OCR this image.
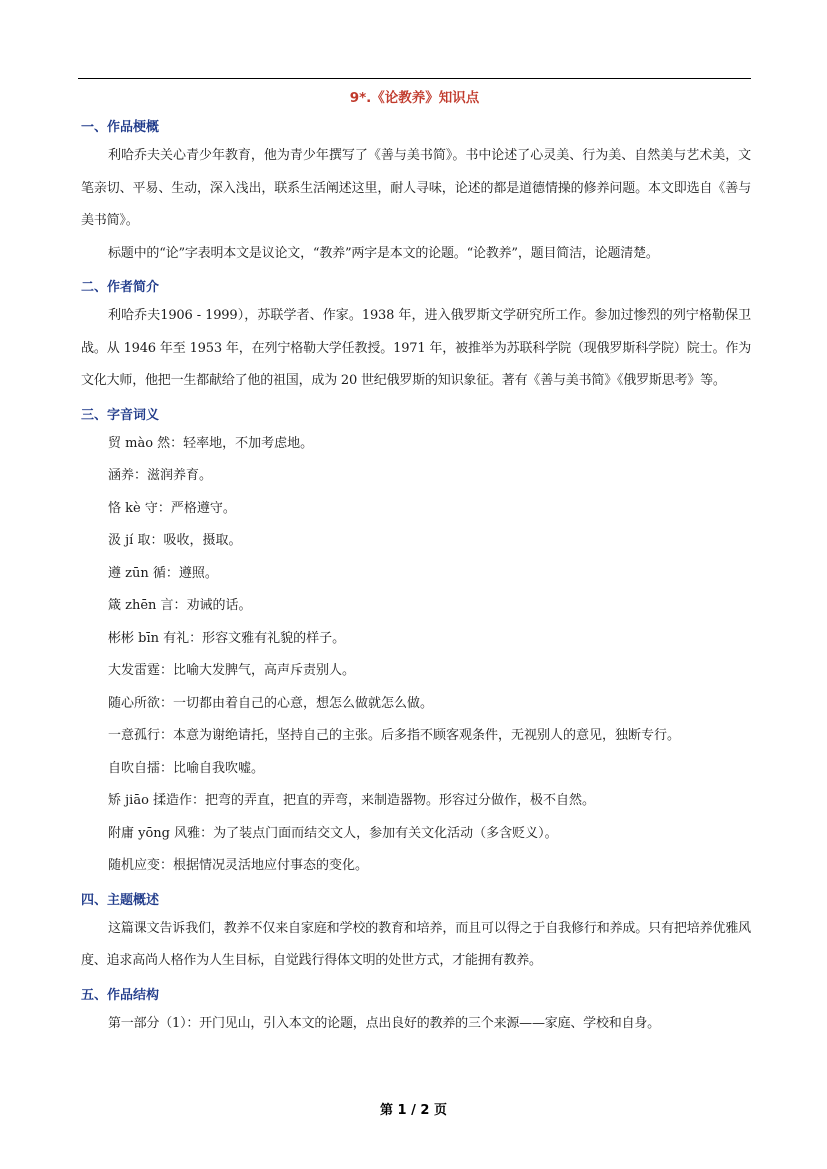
9*.《论教养》知识点
一、作品梗概

利哈乔夫关心青少年教育，他为青少年撰写了《善与美书简》。书中论述了心灵美、行为美、自然美与艺术美，文笔亲切、平易、生动，深入浅出，联系生活阐述这里，耐人寻味，论述的都是道德情操的修养问题。本文即选自《善与美书简》。

标题中的“论”字表明本文是议论文，“教养”两字是本文的论题。“论教养”，题目简洁，论题清楚。

二、作者简介

利哈乔夫1906 - 1999），苏联学者、作家。1938 年，进入俄罗斯文学研究所工作。参加过惨烈的列宁格勒保卫战。从 1946 年至 1953 年，在列宁格勒大学任教授。1971 年，被推举为苏联科学院（现俄罗斯科学院）院士。作为文化大师，他把一生都献给了他的祖国，成为 20 世纪俄罗斯的知识象征。著有《善与美书简》《俄罗斯思考》等。

三、字音词义

贸 mào 然：轻率地，不加考虑地。

涵养：滋润养育。

恪 kè 守：严格遵守。

汲 jí 取：吸收，摄取。

遵 zūn 循：遵照。

箴 zhēn 言：劝诫的话。

彬彬 bīn 有礼：形容文雅有礼貌的样子。

大发雷霆：比喻大发脾气，高声斥责别人。

随心所欲：一切都由着自己的心意，想怎么做就怎么做。

一意孤行：本意为谢绝请托，坚持自己的主张。后多指不顾客观条件，无视别人的意见，独断专行。

自吹自擂：比喻自我吹嘘。

矫 jiāo 揉造作：把弯的弄直，把直的弄弯，来制造器物。形容过分做作，极不自然。

附庸 yōng 风雅：为了装点门面而结交文人，参加有关文化活动（多含贬义）。

随机应变：根据情况灵活地应付事态的变化。

四、主题概述

这篇课文告诉我们，教养不仅来自家庭和学校的教育和培养，而且可以得之于自我修行和养成。只有把培养优雅风度、追求高尚人格作为人生目标，自觉践行得体文明的处世方式，才能拥有教养。

五、作品结构

第一部分（1）：开门见山，引入本文的论题，点出良好的教养的三个来源——家庭、学校和自身。

第 1 / 2 页
